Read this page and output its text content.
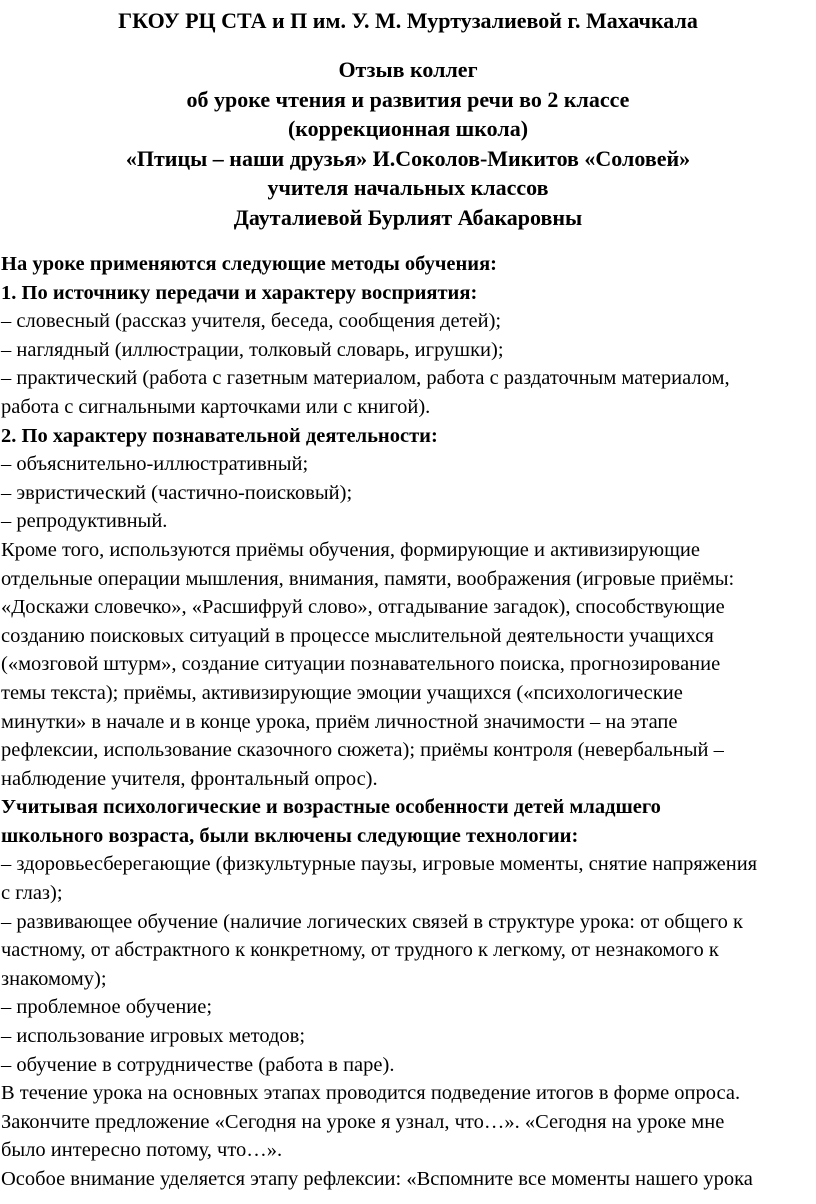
ГКОУ РЦ СТА и П им. У. М. Муртузалиевой г. Махачкала
Отзыв коллег
об уроке чтения и развития речи во 2 классе
(коррекционная школа)
«Птицы – наши друзья» И.Соколов-Микитов «Соловей»
учителя начальных классов
Дауталиевой Бурлият Абакаровны
На уроке применяются следующие методы обучения:
1. По источнику передачи и характеру восприятия:
– словесный (рассказ учителя, беседа, сообщения детей);
– наглядный (иллюстрации, толковый словарь, игрушки);
– практический (работа с газетным материалом, работа с раздаточным материалом,
работа с сигнальными карточками или с книгой).
2. По характеру познавательной деятельности:
– объяснительно-иллюстративный;
– эвристический (частично-поисковый);
– репродуктивный.
Кроме того, используются приёмы обучения, формирующие и активизирующие
отдельные операции мышления, внимания, памяти, воображения (игровые приёмы:
«Доскажи словечко», «Расшифруй слово», отгадывание загадок), способствующие
созданию поисковых ситуаций в процессе мыслительной деятельности учащихся
(«мозговой штурм», создание ситуации познавательного поиска, прогнозирование
темы текста); приёмы, активизирующие эмоции учащихся («психологические
минутки» в начале и в конце урока, приём личностной значимости – на этапе
рефлексии, использование сказочного сюжета); приёмы контроля (невербальный –
наблюдение учителя, фронтальный опрос).
Учитывая психологические и возрастные особенности детей младшего
школьного возраста, были включены следующие технологии:
– здоровьесберегающие (физкультурные паузы, игровые моменты, снятие напряжения
с глаз);
– развивающее обучение (наличие логических связей в структуре урока: от общего к
частному, от абстрактного к конкретному, от трудного к легкому, от незнакомого к
знакомому);
– проблемное обучение;
– использование игровых методов;
– обучение в сотрудничестве (работа в паре).
В течение урока на основных этапах проводится подведение итогов в форме опроса.
Закончите предложение «Сегодня на уроке я узнал, что…». «Сегодня на уроке мне
было интересно потому, что…».
Особое внимание уделяется этапу рефлексии: «Вспомните все моменты нашего урока
